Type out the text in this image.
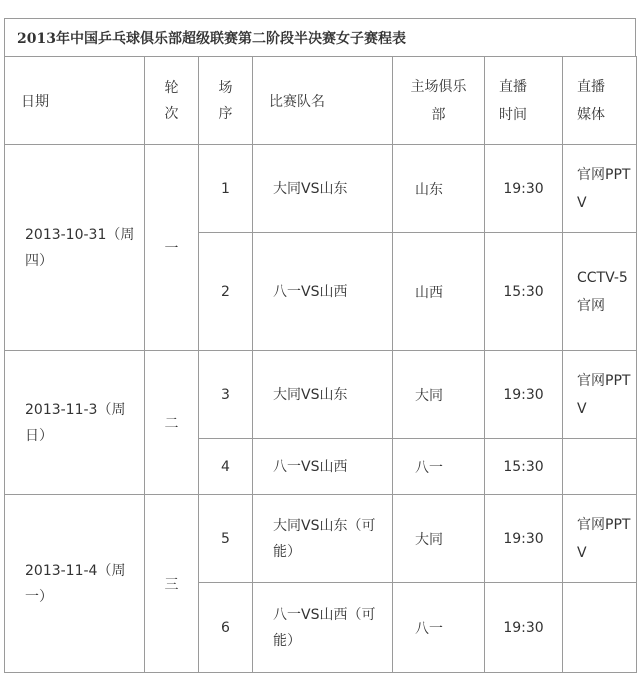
2013年中国乒乓球俱乐部超级联赛第二阶段半决赛女子赛程表
日期	轮次	场序	比赛队名	主场俱乐部	直播时间	直播媒体
2013-10-31（周四）	一	1	大同VS山东	山东	19:30	官网PPTV
		2	八一VS山西	山西	15:30	CCTV-5官网
2013-11-3（周日）	二	3	大同VS山东	大同	19:30	官网PPTV
		4	八一VS山西	八一	15:30	
2013-11-4（周一）	三	5	大同VS山东（可能）	大同	19:30	官网PPTV
		6	八一VS山西（可能）	八一	19:30	
